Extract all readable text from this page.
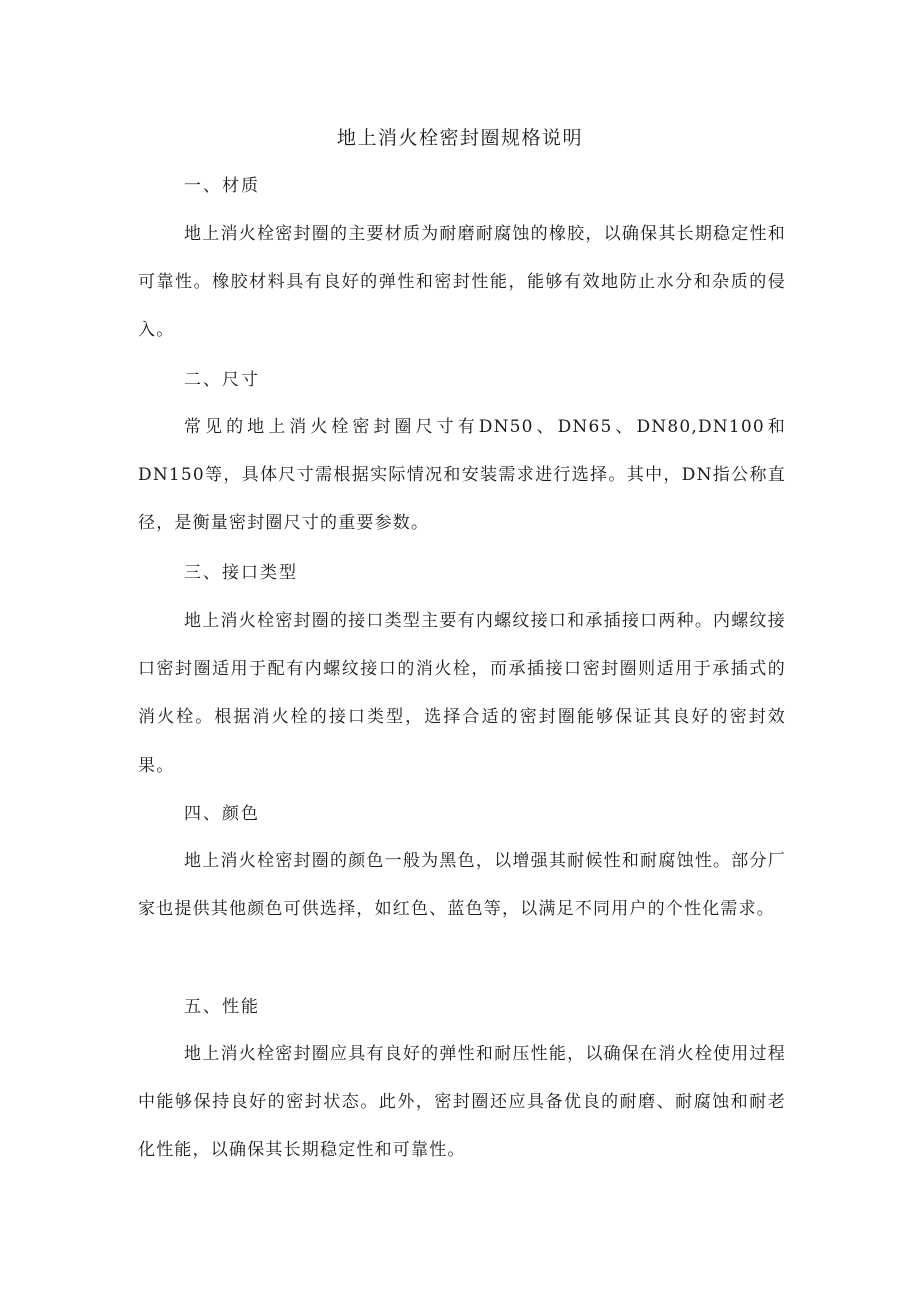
地上消火栓密封圈规格说明
一、材质

地上消火栓密封圈的主要材质为耐磨耐腐蚀的橡胶，以确保其长期稳定性和可靠性。橡胶材料具有良好的弹性和密封性能，能够有效地防止水分和杂质的侵入。

二、尺寸

常见的地上消火栓密封圈尺寸有DN50、DN65、DN80,DN100和DN150等，具体尺寸需根据实际情况和安装需求进行选择。其中，DN指公称直径，是衡量密封圈尺寸的重要参数。

三、接口类型

地上消火栓密封圈的接口类型主要有内螺纹接口和承插接口两种。内螺纹接口密封圈适用于配有内螺纹接口的消火栓，而承插接口密封圈则适用于承插式的消火栓。根据消火栓的接口类型，选择合适的密封圈能够保证其良好的密封效果。

四、颜色

地上消火栓密封圈的颜色一般为黑色，以增强其耐候性和耐腐蚀性。部分厂家也提供其他颜色可供选择，如红色、蓝色等，以满足不同用户的个性化需求。

五、性能

地上消火栓密封圈应具有良好的弹性和耐压性能，以确保在消火栓使用过程中能够保持良好的密封状态。此外，密封圈还应具备优良的耐磨、耐腐蚀和耐老化性能，以确保其长期稳定性和可靠性。
